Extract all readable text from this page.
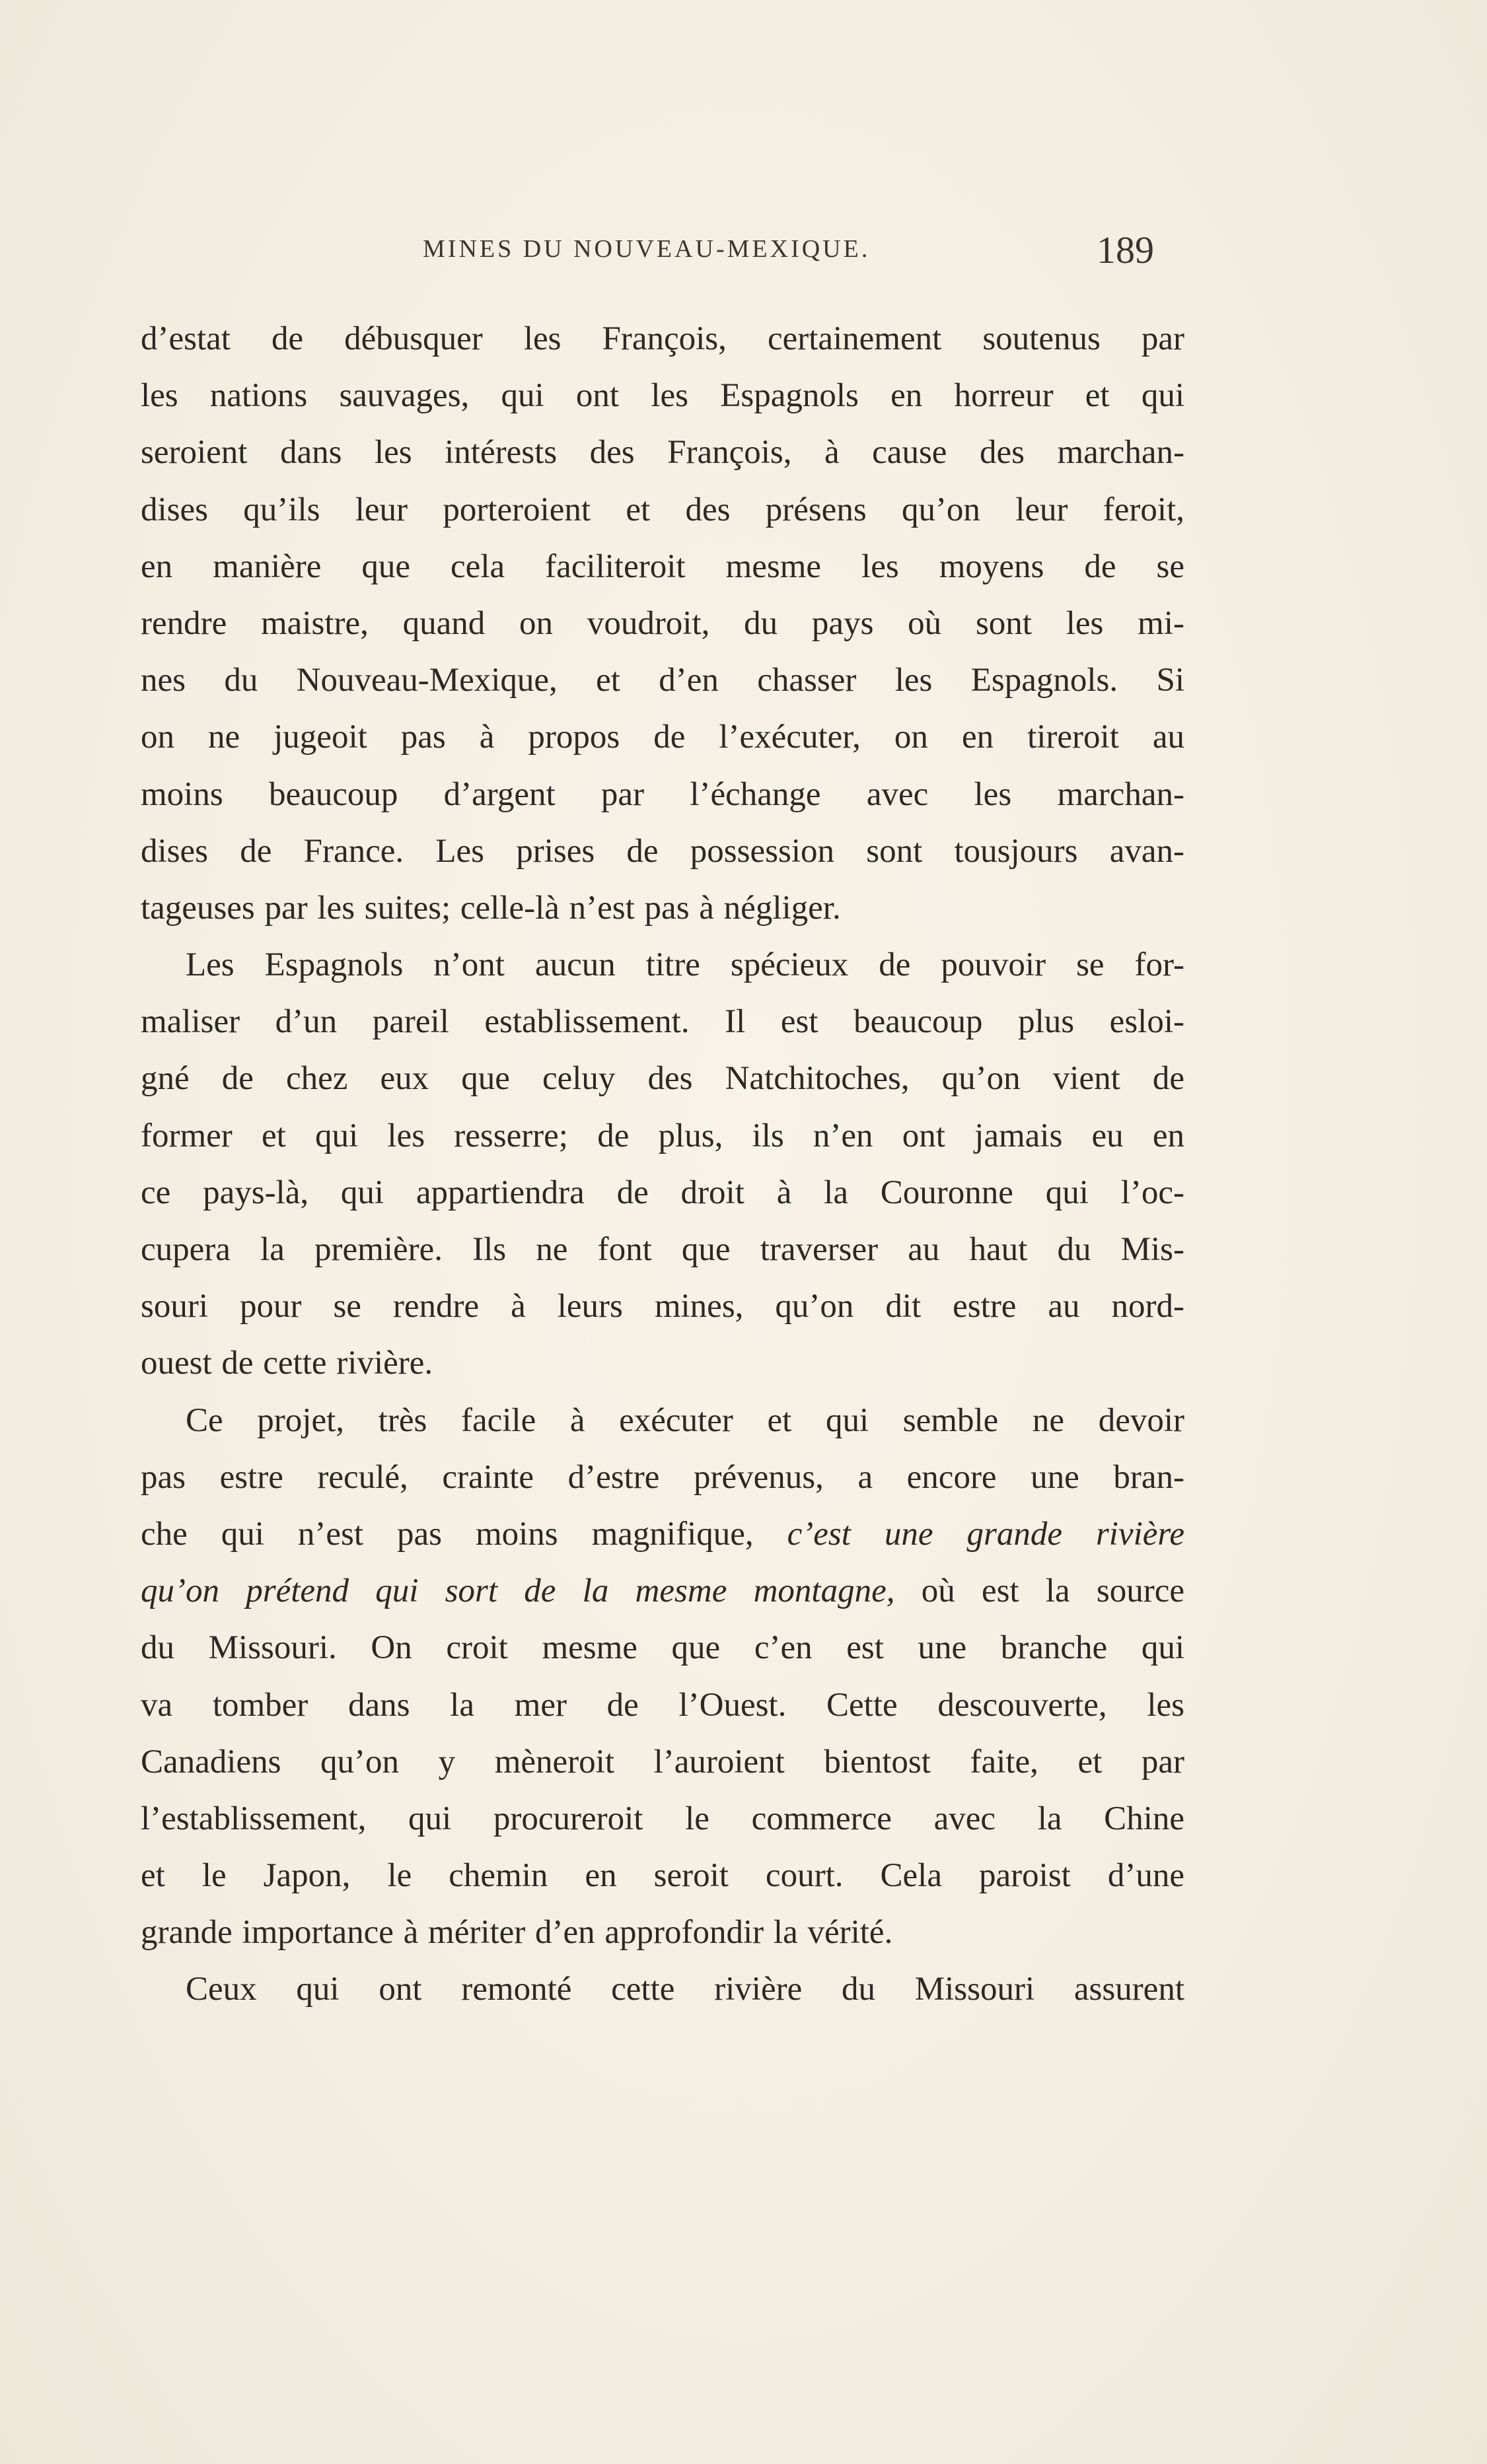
MINES DU NOUVEAU-MEXIQUE.	189
d’estat de débusquer les François, certainement soutenus par
les nations sauvages, qui ont les Espagnols en horreur et qui
seroient dans les intérests des François, à cause des marchan-
dises qu’ils leur porteroient et des présens qu’on leur feroit,
en manière que cela faciliteroit mesme les moyens de se
rendre maistre, quand on voudroit, du pays où sont les mi-
nes du Nouveau-Mexique, et d’en chasser les Espagnols. Si
on ne jugeoit pas à propos de l’exécuter, on en tireroit au
moins beaucoup d’argent par l’échange avec les marchan-
dises de France. Les prises de possession sont tousjours avan-
tageuses par les suites; celle-là n’est pas à négliger.
Les Espagnols n’ont aucun titre spécieux de pouvoir se for-
maliser d’un pareil establissement. Il est beaucoup plus esloi-
gné de chez eux que celuy des Natchitoches, qu’on vient de
former et qui les resserre; de plus, ils n’en ont jamais eu en
ce pays-là, qui appartiendra de droit à la Couronne qui l’oc-
cupera la première. Ils ne font que traverser au haut du Mis-
souri pour se rendre à leurs mines, qu’on dit estre au nord-
ouest de cette rivière.
Ce projet, très facile à exécuter et qui semble ne devoir
pas estre reculé, crainte d’estre prévenus, a encore une bran-
che qui n’est pas moins magnifique, c’est une grande rivière
qu’on prétend qui sort de la mesme montagne, où est la source
du Missouri. On croit mesme que c’en est une branche qui
va tomber dans la mer de l’Ouest. Cette descouverte, les
Canadiens qu’on y mèneroit l’auroient bientost faite, et par
l’establissement, qui procureroit le commerce avec la Chine
et le Japon, le chemin en seroit court. Cela paroist d’une
grande importance à mériter d’en approfondir la vérité.
Ceux qui ont remonté cette rivière du Missouri assurent
